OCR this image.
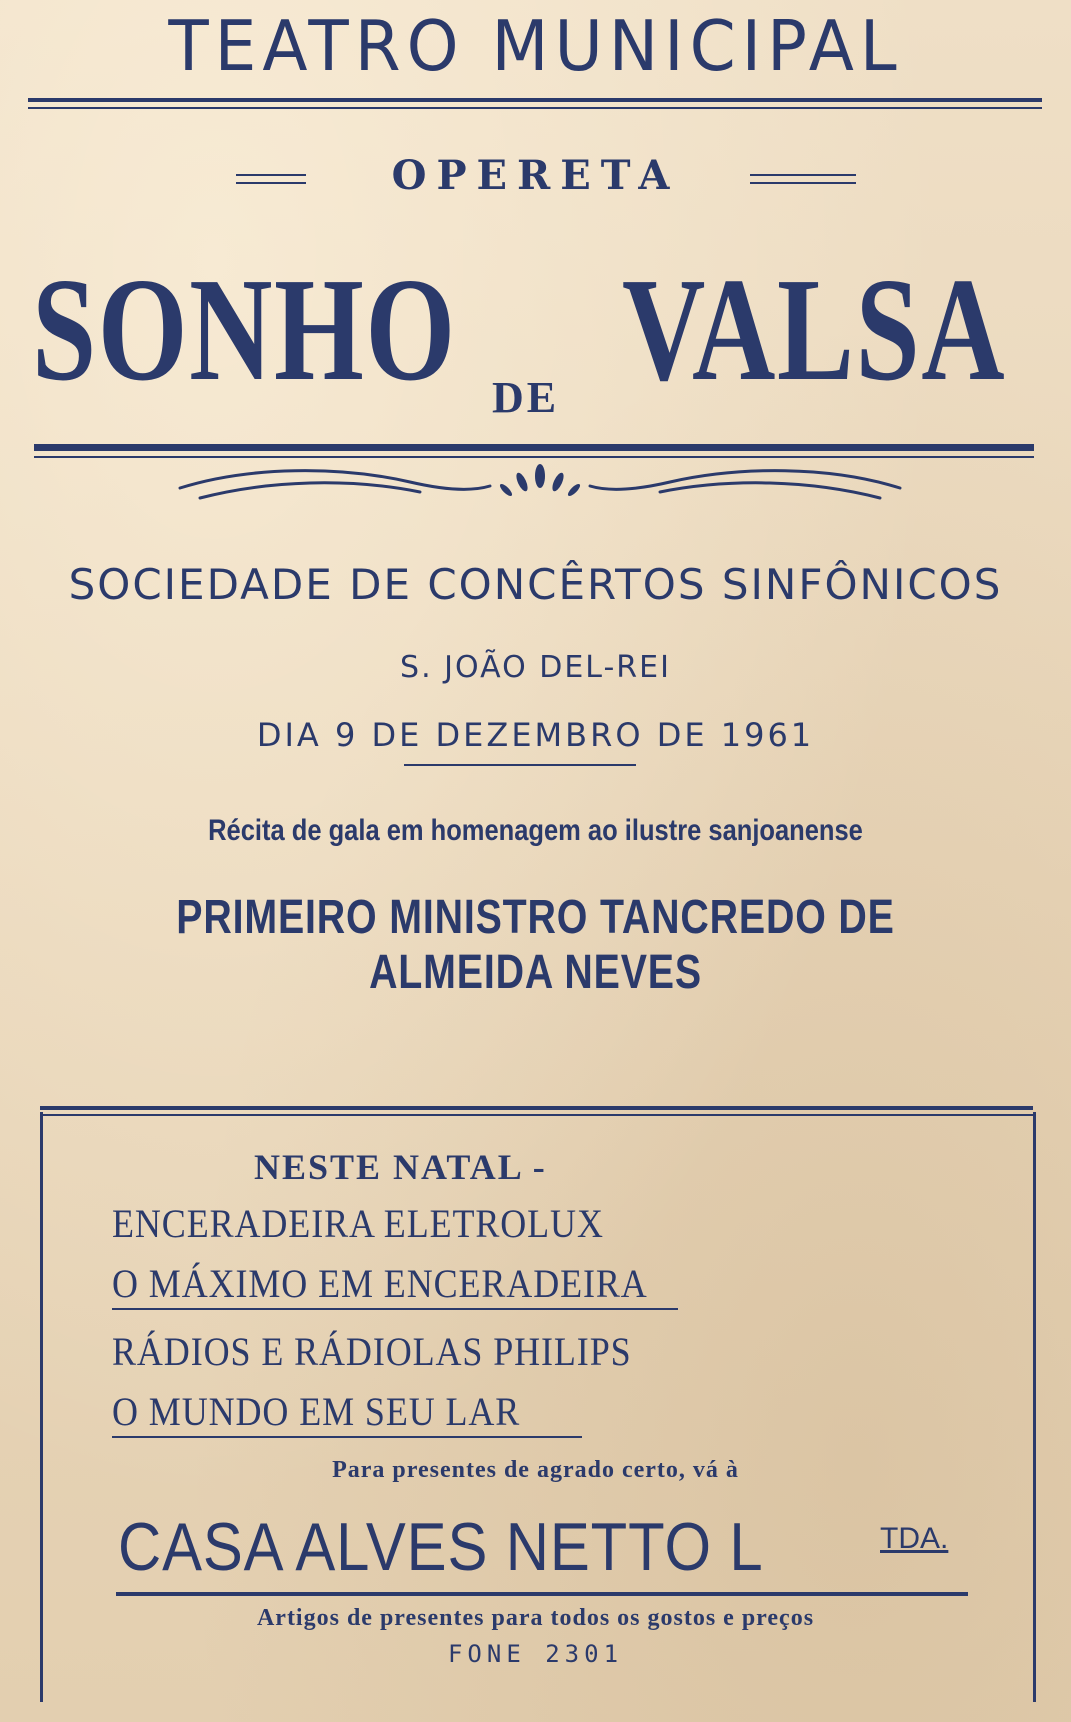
TEATRO MUNICIPAL
OPERETA
SONHO DE VALSA
SOCIEDADE DE CONCÊRTOS SINFÔNICOS
S. JOÃO DEL-REI
DIA 9 DE DEZEMBRO DE 1961
Récita de gala em homenagem ao ilustre sanjoanense
PRIMEIRO MINISTRO TANCREDO DE ALMEIDA NEVES
NESTE NATAL -
ENCERADEIRA ELETROLUX
O MÁXIMO EM ENCERADEIRA
RÁDIOS E RÁDIOLAS PHILIPS
O MUNDO EM SEU LAR
Para presentes de agrado certo, vá à
CASA ALVES NETTO L	TDA.
Artigos de presentes para todos os gostos e preços
FONE 2301
